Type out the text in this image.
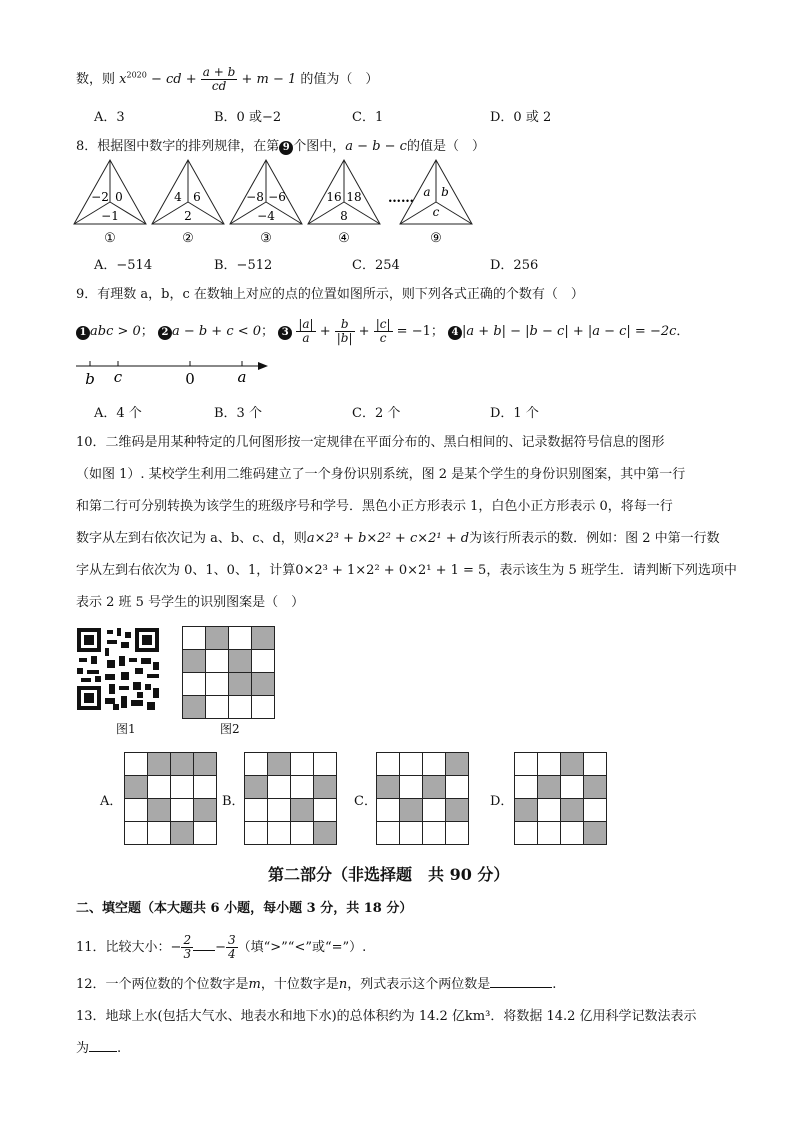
数，则 $x^{2020}$ − cd + $\frac{a + b}{cd} + m - 1$ 的值为（　）
A．3	B．0 或−2	C．1	D．0 或 2
8．根据图中数字的排列规律，在第 9 个图中，a − b − c的值是（　）
−2 0
−1
①
4 6
2
②
−8 −6
−4
③
16 18
8
④
…… a b
c
⑨
A．−514	B．−512	C．254	D．256
9．有理数 a，b，c 在数轴上对应的点的位置如图所示，则下列各式正确的个数有（　）
1 abc > 0； 2 a − b + c < 0； $3 \frac{|a|}{a} + \frac{b}{|b|} + \frac{|c|}{c} = -1$； 4 |a + b| − |b − c| + |a − c| = −2c．
b c	0	a
A．4 个	B．3 个	C．2 个	D．1 个
10．二维码是用某种特定的几何图形按一定规律在平面分布的、黑白相间的、记录数据符号信息的图形
（如图 1）. 某校学生利用二维码建立了一个身份识别系统，图 2 是某个学生的身份识别图案，其中第一行
和第二行可分别转换为该学生的班级序号和学号．黑色小正方形表示 1，白色小正方形表示 0，将每一行
数字从左到右依次记为 a、b、c、d，则a×2³ + b×2² + c×2¹ + d为该行所表示的数．例如：图 2 中第一行数
字从左到右依次为 0、1、0、1，计算0×2³ + 1×2² + 0×2¹ + 1 = 5，表示该生为 5 班学生．请判断下列选项中
表示 2 班 5 号学生的识别图案是（　）
图1

				图2
A．

				B．

				C．

				D．

第二部分（非选择题　共 90 分）
二、填空题（本大题共 6 小题，每小题 3 分，共 18 分）
11．比较大小：− $\frac{2}{3} - \frac{3}{4}$ （填“>”“<”或“=”）.
12．一个两位数的个位数字是m，十位数字是n，列式表示这个两位数是	.
13．地球上水(包括大气水、地表水和地下水)的总体积约为 14.2 亿km³．将数据 14.2 亿用科学记数法表示
为 .
